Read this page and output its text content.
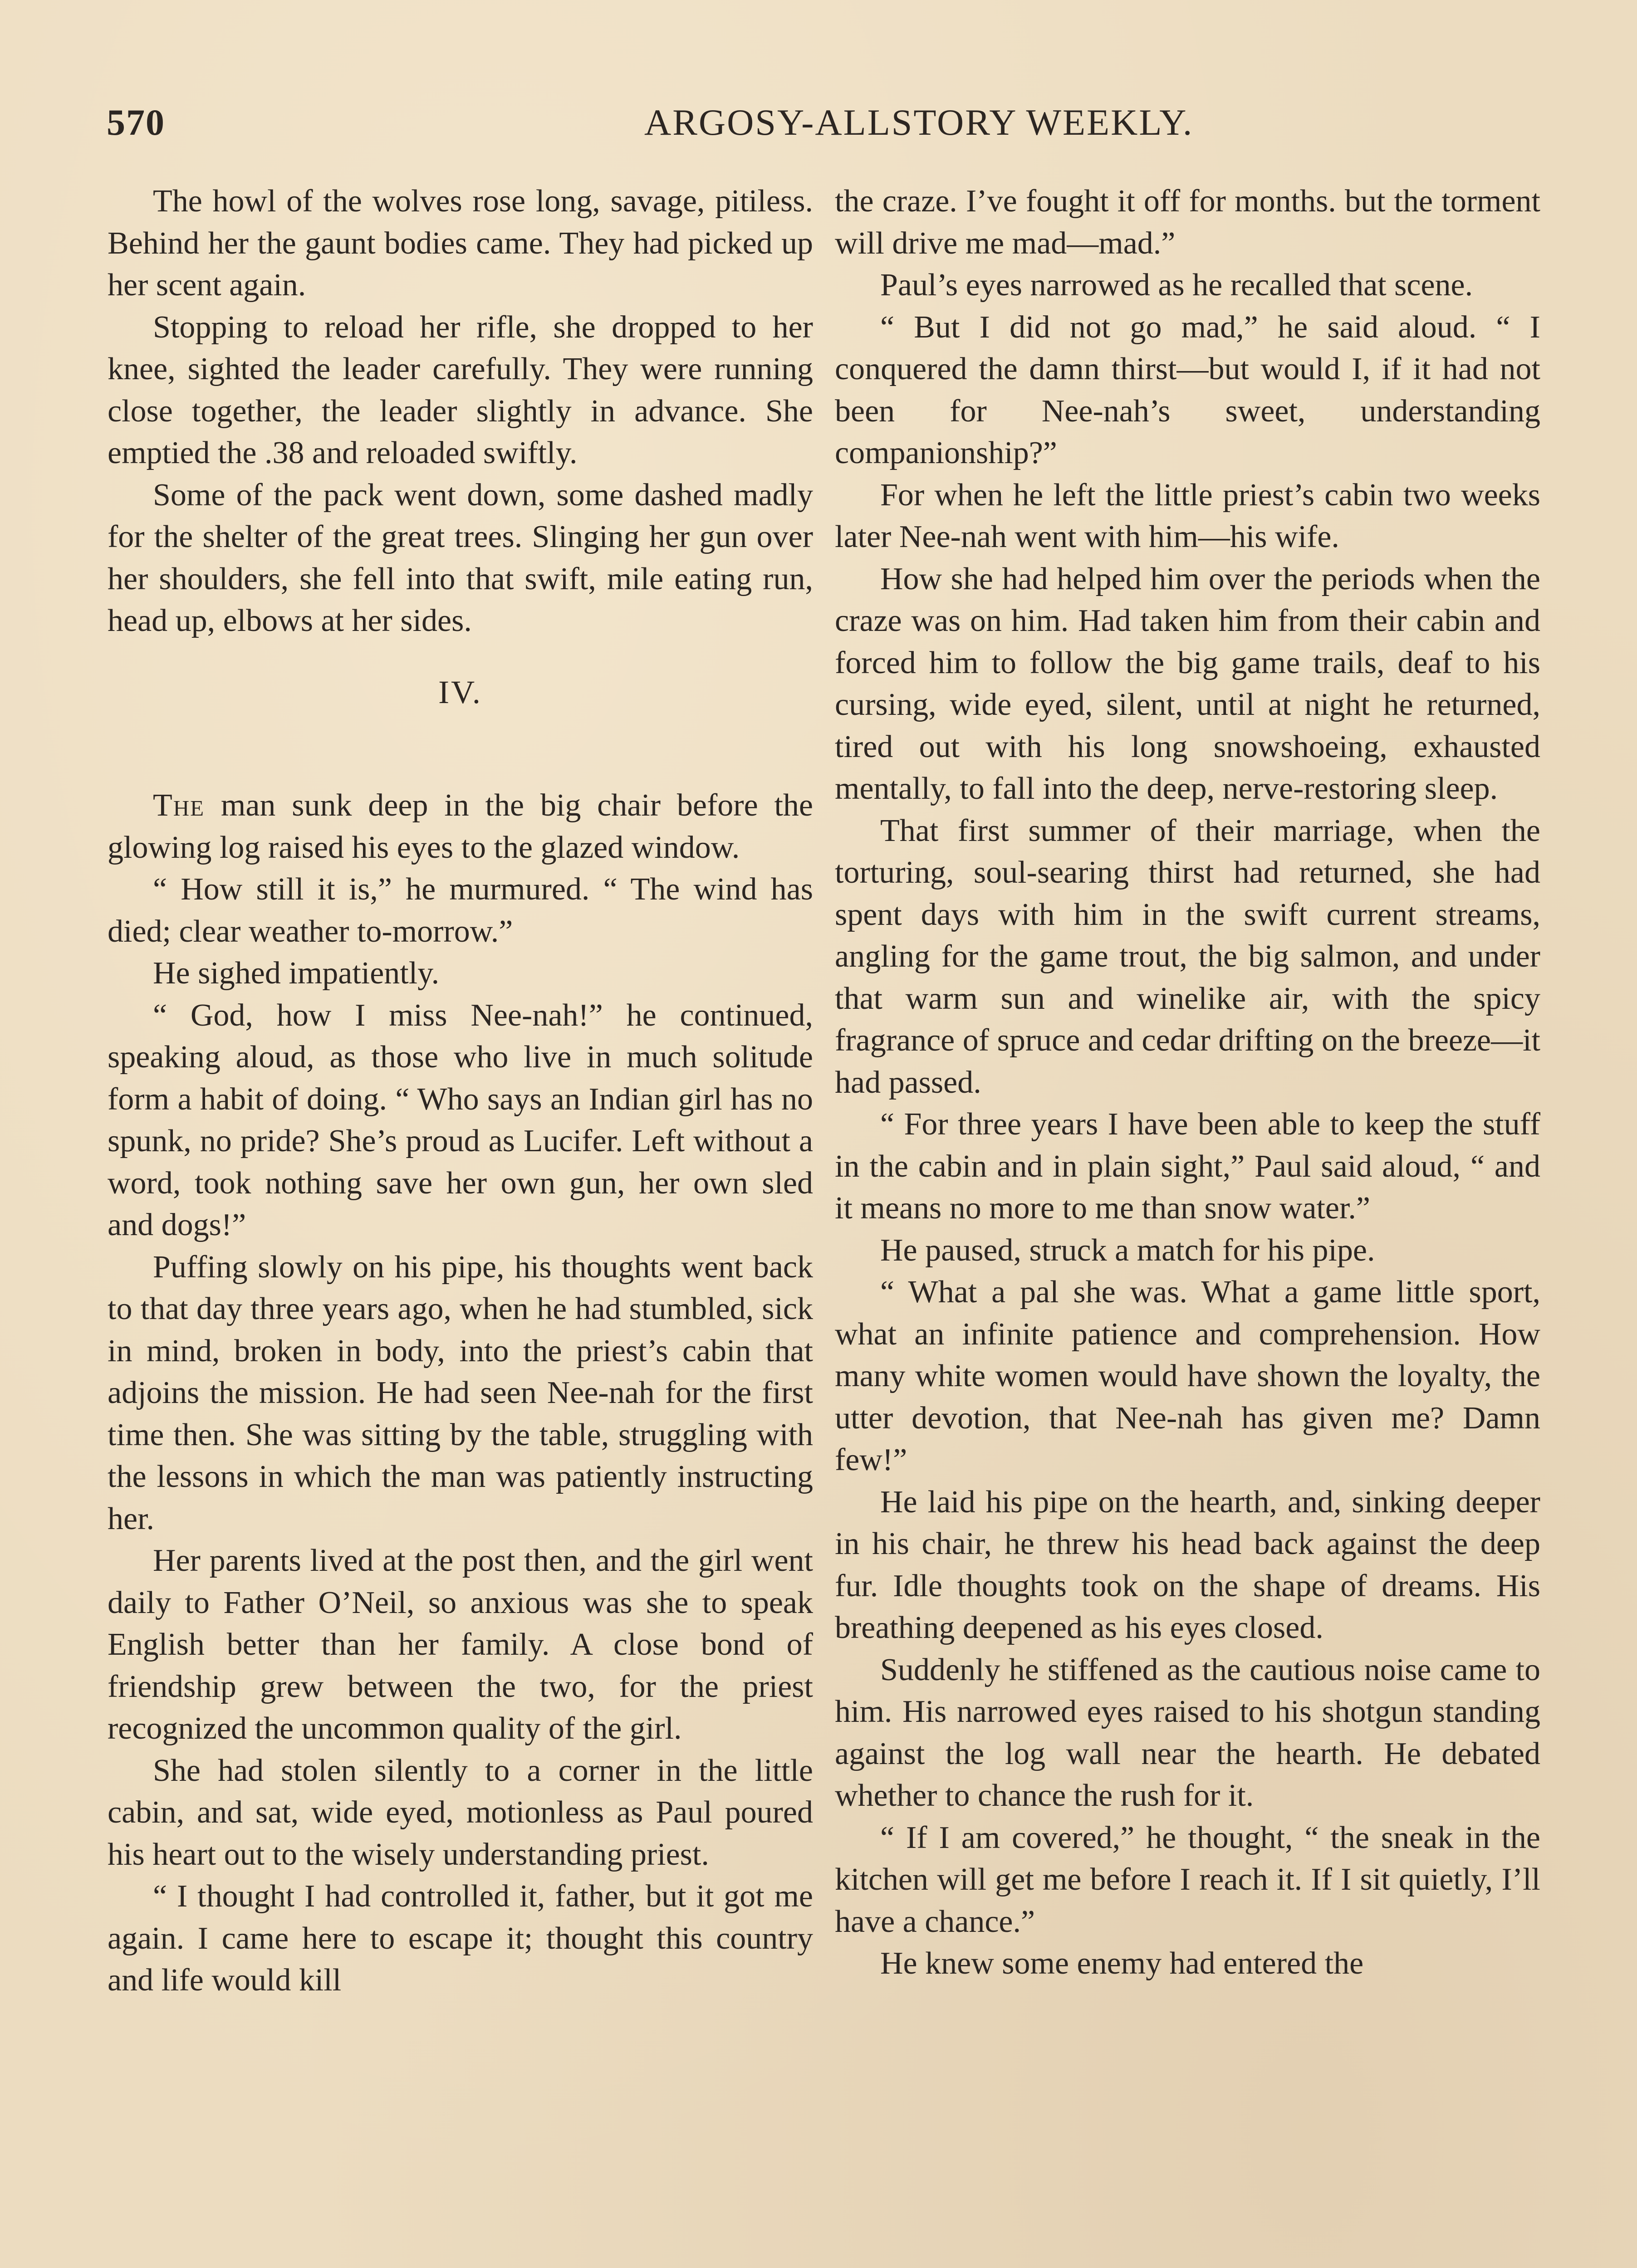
570	ARGOSY-ALLSTORY WEEKLY.

The howl of the wolves rose long, savage, pitiless. Behind her the gaunt bodies came. They had picked up her scent again.

Stopping to reload her rifle, she dropped to her knee, sighted the leader carefully. They were running close together, the leader slightly in advance. She emptied the .38 and reloaded swiftly.

Some of the pack went down, some dashed madly for the shelter of the great trees. Slinging her gun over her shoulders, she fell into that swift, mile eating run, head up, elbows at her sides.

IV.

The man sunk deep in the big chair before the glowing log raised his eyes to the glazed window.

“ How still it is,” he murmured. “ The wind has died; clear weather to-morrow.”

He sighed impatiently.

“ God, how I miss Nee-nah!” he continued, speaking aloud, as those who live in much solitude form a habit of doing. “ Who says an Indian girl has no spunk, no pride? She’s proud as Lucifer. Left without a word, took nothing save her own gun, her own sled and dogs!”

Puffing slowly on his pipe, his thoughts went back to that day three years ago, when he had stumbled, sick in mind, broken in body, into the priest’s cabin that adjoins the mission. He had seen Nee-nah for the first time then. She was sitting by the table, struggling with the lessons in which the man was patiently instructing her.

Her parents lived at the post then, and the girl went daily to Father O’Neil, so anxious was she to speak English better than her family. A close bond of friendship grew between the two, for the priest recognized the uncommon quality of the girl.

She had stolen silently to a corner in the little cabin, and sat, wide eyed, motionless as Paul poured his heart out to the wisely understanding priest.

“ I thought I had controlled it, father, but it got me again. I came here to escape it; thought this country and life would kill

the craze. I’ve fought it off for months. but the torment will drive me mad—mad.”

Paul’s eyes narrowed as he recalled that scene.

“ But I did not go mad,” he said aloud. “ I conquered the damn thirst—but would I, if it had not been for Nee-nah’s sweet, understanding companionship?”

For when he left the little priest’s cabin two weeks later Nee-nah went with him—his wife.

How she had helped him over the periods when the craze was on him. Had taken him from their cabin and forced him to follow the big game trails, deaf to his cursing, wide eyed, silent, until at night he returned, tired out with his long snowshoeing, exhausted mentally, to fall into the deep, nerve-restoring sleep.

That first summer of their marriage, when the torturing, soul-searing thirst had returned, she had spent days with him in the swift current streams, angling for the game trout, the big salmon, and under that warm sun and winelike air, with the spicy fragrance of spruce and cedar drifting on the breeze—it had passed.

“ For three years I have been able to keep the stuff in the cabin and in plain sight,” Paul said aloud, “ and it means no more to me than snow water.”

He paused, struck a match for his pipe.

“ What a pal she was. What a game little sport, what an infinite patience and comprehension. How many white women would have shown the loyalty, the utter devotion, that Nee-nah has given me? Damn few!”

He laid his pipe on the hearth, and, sinking deeper in his chair, he threw his head back against the deep fur. Idle thoughts took on the shape of dreams. His breathing deepened as his eyes closed.

Suddenly he stiffened as the cautious noise came to him. His narrowed eyes raised to his shotgun standing against the log wall near the hearth. He debated whether to chance the rush for it.

“ If I am covered,” he thought, “ the sneak in the kitchen will get me before I reach it. If I sit quietly, I’ll have a chance.”

He knew some enemy had entered the
